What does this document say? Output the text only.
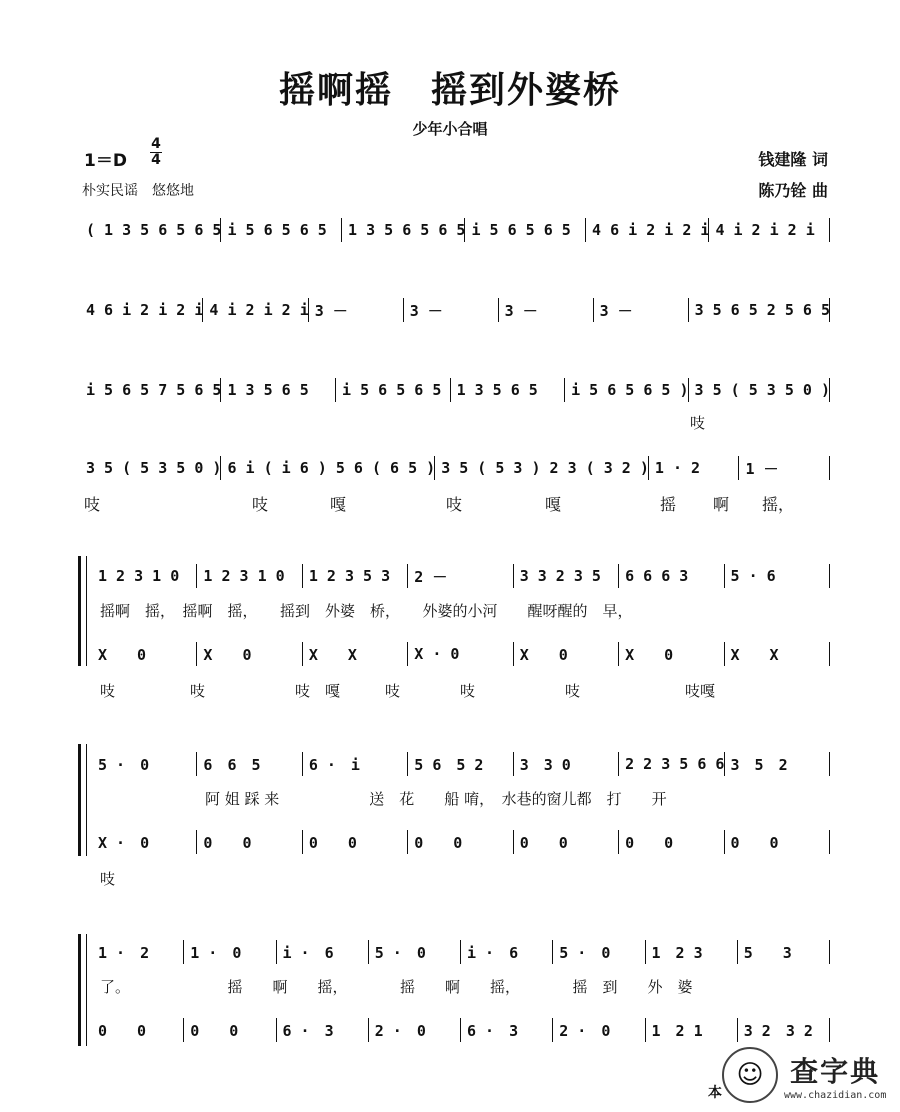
摇啊摇　摇到外婆桥
少年小合唱
1＝D
4
4
朴实民谣　悠悠地
钱建隆 词
陈乃铨 曲
( 1 3 5 6 5 6 5 i 5 6 5 6 5	1 3 5 6 5 6 5 i 5 6 5 6 5	4 6 i 2 i 2 i 4 i 2 i 2 i
4 6 i 2 i 2 i 4 i 2 i 2 i 3 －	3 －	3 －	3 －	3 5 6 5 2 5 6 5
i 5 6 5 7 5 6 5 1 3 5 6 5	i 5 6 5 6 5	1 3 5 6 5	i 5 6 5 6 5 ) 3 5 ( 5 3 5 0 )
吱
3 5 ( 5 3 5 0 ) 6 i ( i 6 ) 5 6 ( 6 5 ) 3 5 ( 5 3 ) 2 3 ( 3 2 ) 1 · 2	1 －
吱	吱	嘎	吱	嘎	摇 啊 摇，
1 2 3 1 0	1 2 3 1 0	1 2 3 5 3	2 －	3 3 2 3 5	6 6 6 3	5 · 6
摇啊　摇，　摇啊　摇，　　摇到　外婆　桥，　　外婆的小河　　醒呀醒的　早，
X　　0	X　　0	X　　X	X · 0	X　　0	X　　0	X　　X
吱　　　　　吱　　　　　　吱　嘎　　　吱　　　　吱　　　　　　吱　　　　　　　吱嘎
5 ·　0	6　6　5	6 ·　i	5 6　5 2	3　3 0	2 2 3 5 6 6 3　5　2
　　　　　　　阿 姐 踩 来　　　　　　送　花　　船 唷，　水巷的窗儿都　打　　开
X ·　0	0　　0	0　　0	0　　0	0　　0	0　　0	0　　0
吱
1 ·　2	1 ·　0	i ·　6	5 ·　0	i ·　6	5 ·　0	1　2 3	5　　3
了。　　　　　　　摇　　啊　　摇，　　　　摇　　啊　　摇，　　　　摇　到　　外　婆
0　　0	0　　0	6 ·　3	2 ·　0	6 ·　3	2 ·　0	1　2 1	3 2　3 2
本
☺ 查字典
www.chazidian.com
